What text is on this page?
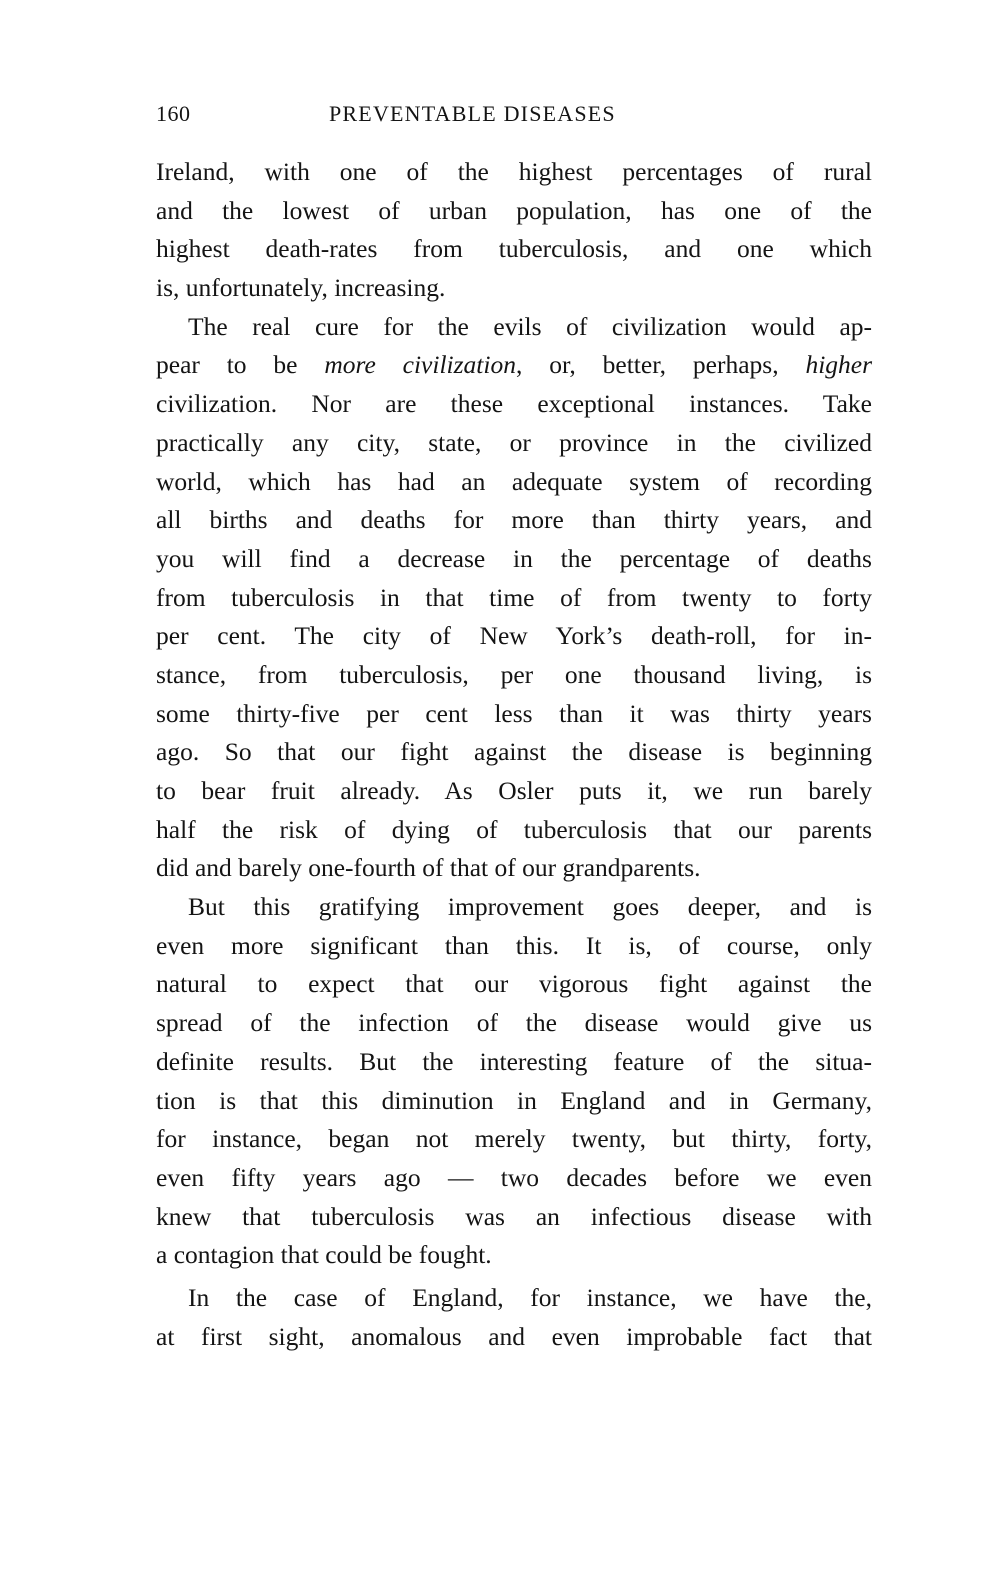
160	PREVENTABLE DISEASES
Ireland, with one of the highest percentages of rural
and the lowest of urban population, has one of the
highest death-rates from tuberculosis, and one which
is, unfortunately, increasing.
The real cure for the evils of civilization would ap-
pear to be more civilization, or, better, perhaps, higher
civilization. Nor are these exceptional instances. Take
practically any city, state, or province in the civilized
world, which has had an adequate system of recording
all births and deaths for more than thirty years, and
you will find a decrease in the percentage of deaths
from tuberculosis in that time of from twenty to forty
per cent. The city of New York’s death-roll, for in-
stance, from tuberculosis, per one thousand living, is
some thirty-five per cent less than it was thirty years
ago. So that our fight against the disease is beginning
to bear fruit already. As Osler puts it, we run barely
half the risk of dying of tuberculosis that our parents
did and barely one-fourth of that of our grandparents.
But this gratifying improvement goes deeper, and is
even more significant than this. It is, of course, only
natural to expect that our vigorous fight against the
spread of the infection of the disease would give us
definite results. But the interesting feature of the situa-
tion is that this diminution in England and in Germany,
for instance, began not merely twenty, but thirty, forty,
even fifty years ago — two decades before we even
knew that tuberculosis was an infectious disease with
a contagion that could be fought.
In the case of England, for instance, we have the,
at first sight, anomalous and even improbable fact that
